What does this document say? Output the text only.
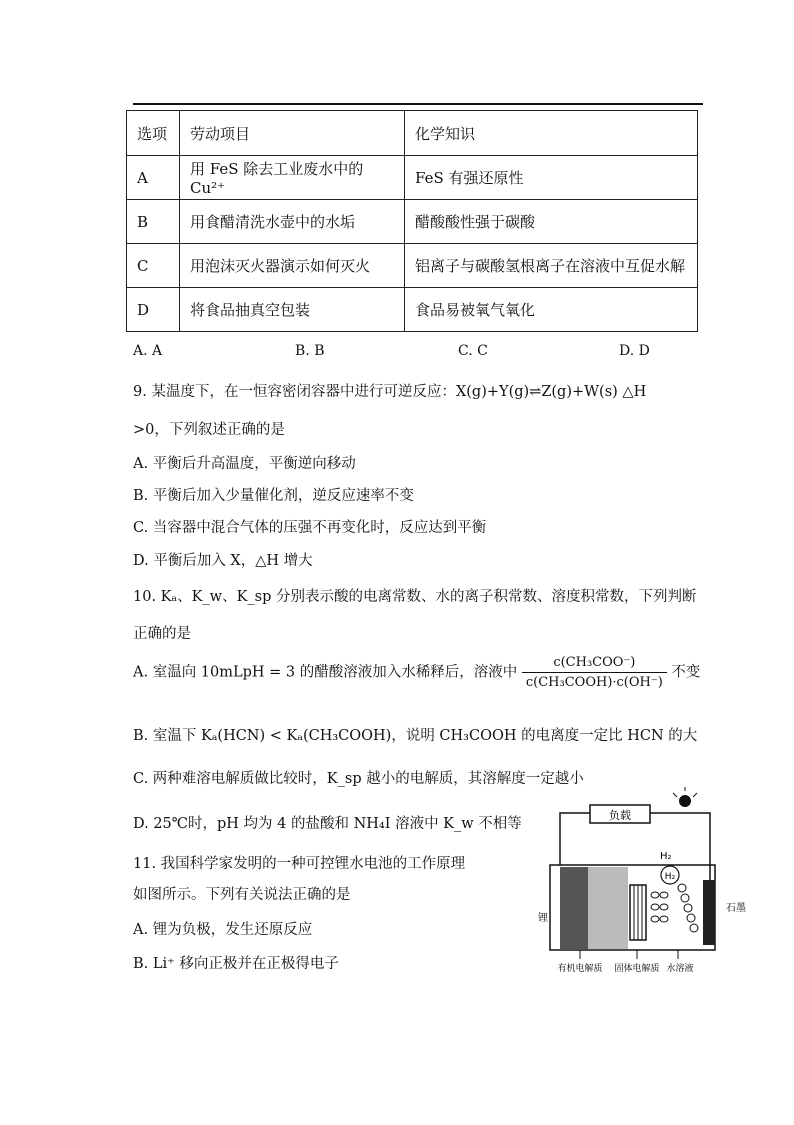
选项	劳动项目	化学知识
A	用 FeS 除去工业废水中的 Cu²⁺	FeS 有强还原性
B	用食醋清洗水壶中的水垢	醋酸酸性强于碳酸
C	用泡沫灭火器演示如何灭火	铝离子与碳酸氢根离子在溶液中互促水解
D	将食品抽真空包装	食品易被氧气氧化
A. A	B. B	C. C	D. D
9. 某温度下，在一恒容密闭容器中进行可逆反应：X(g)+Y(g)⇌Z(g)+W(s) △H
>0，下列叙述正确的是
A. 平衡后升高温度，平衡逆向移动
B. 平衡后加入少量催化剂，逆反应速率不变
C. 当容器中混合气体的压强不再变化时，反应达到平衡
D. 平衡后加入 X，△H 增大
10. Kₐ、K_w、K_sp 分别表示酸的电离常数、水的离子积常数、溶度积常数，下列判断
正确的是
A. 室温向 10mLpH = 3 的醋酸溶液加入水稀释后，溶液中 $\frac{\text{c(CH₃COO⁻)}}{\text{c(CH₃COOH)·c(OH⁻)}}$ 不变
B. 室温下 Kₐ(HCN) < Kₐ(CH₃COOH)，说明 CH₃COOH 的电离度一定比 HCN 的大
C. 两种难溶电解质做比较时，K_sp 越小的电解质，其溶解度一定越小
D. 25℃时，pH 均为 4 的盐酸和 NH₄I 溶液中 K_w 不相等
11. 我国科学家发明的一种可控锂水电池的工作原理
如图所示。下列有关说法正确的是
A. 锂为负极，发生还原反应
B. Li⁺ 移向正极并在正极得电子
负载
H₂
H₂
锂
石墨
有机电解质 固体电解质 水溶液
